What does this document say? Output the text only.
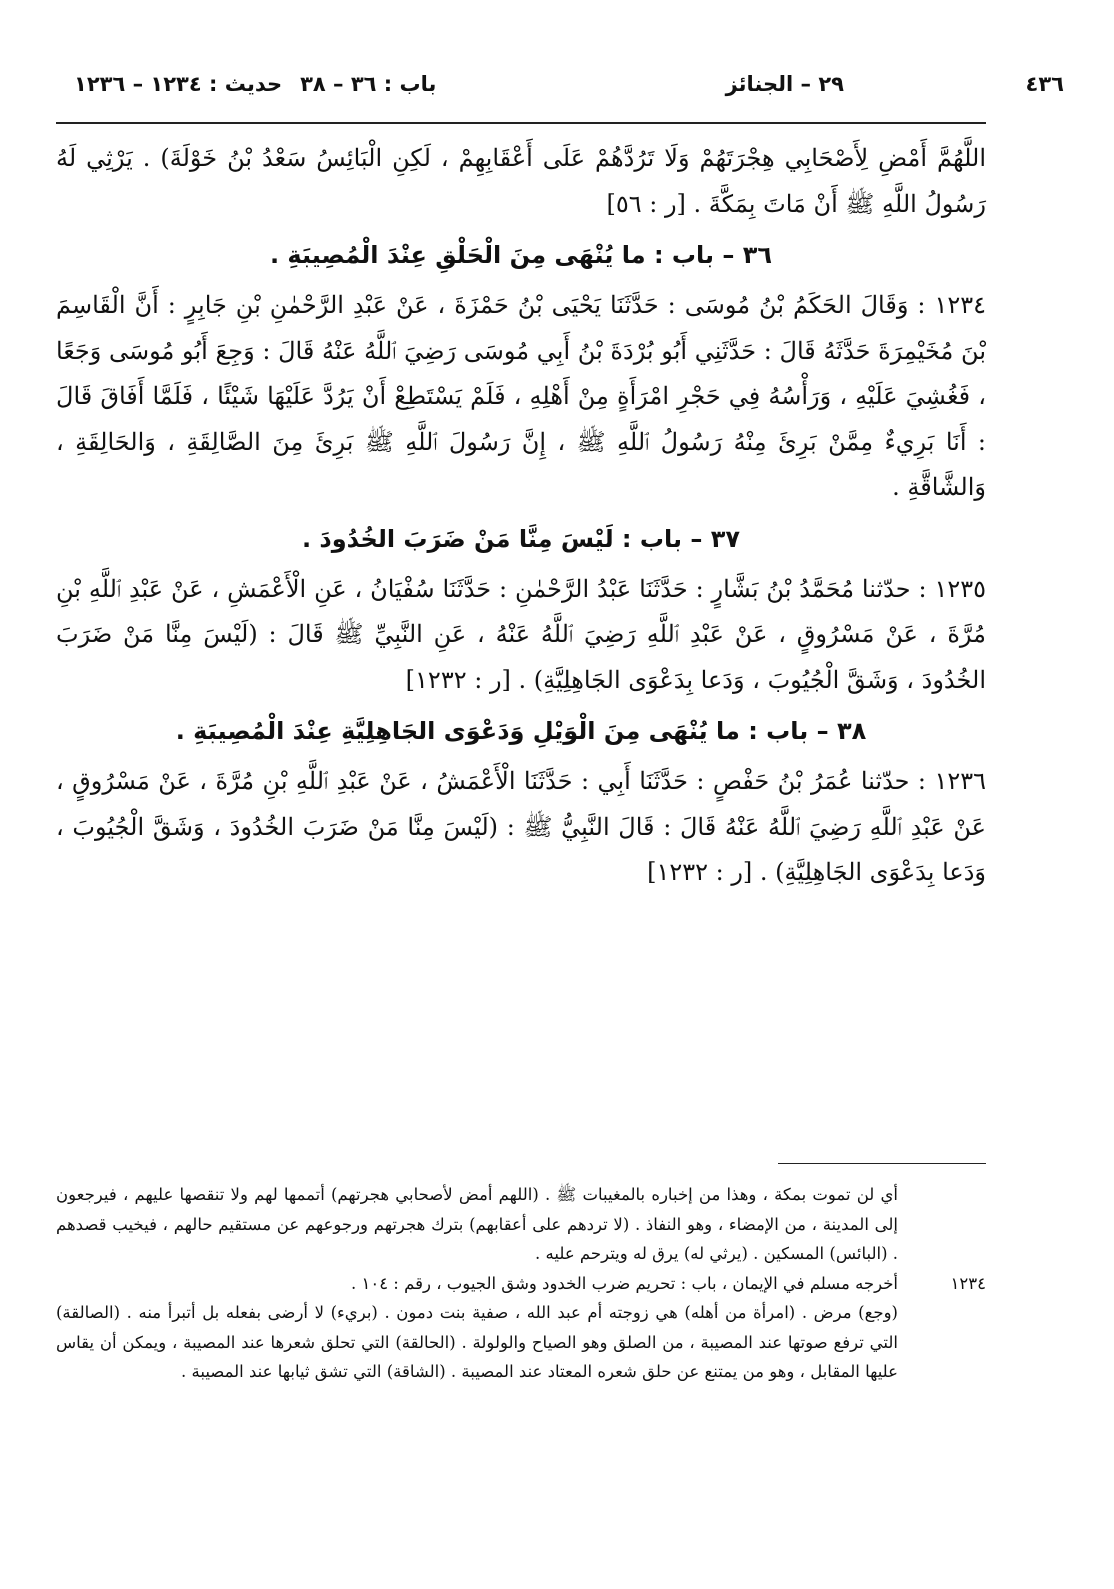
٤٣٦
٢٩ – الجنائز
باب : ٣٦ – ٣٨حديث : ١٢٣٤ – ١٢٣٦

اللَّهُمَّ أَمْضِ لِأَصْحَابِي هِجْرَتَهُمْ وَلَا تَرُدَّهُمْ عَلَى أَعْقَابِهِمْ ، لَكِنِ الْبَائِسُ سَعْدُ بْنُ خَوْلَةَ) . يَرْثِي لَهُ رَسُولُ اللَّهِ ﷺ أَنْ مَاتَ بِمَكَّةَ . [ر : ٥٦]

٣٦ – باب : ما يُنْهَى مِنَ الْحَلْقِ عِنْدَ الْمُصِيبَةِ .

١٢٣٤ : وَقَالَ الحَكَمُ بْنُ مُوسَى : حَدَّثَنَا يَحْيَى بْنُ حَمْزَةَ ، عَنْ عَبْدِ الرَّحْمٰنِ بْنِ جَابِرٍ : أَنَّ الْقَاسِمَ بْنَ مُخَيْمِرَةَ حَدَّثَهُ قَالَ : حَدَّثَنِي أَبُو بُرْدَةَ بْنُ أَبِي مُوسَى رَضِيَ ٱللَّهُ عَنْهُ قَالَ : وَجِعَ أَبُو مُوسَى وَجَعًا ، فَغُشِيَ عَلَيْهِ ، وَرَأْسُهُ فِي حَجْرِ امْرَأَةٍ مِنْ أَهْلِهِ ، فَلَمْ يَسْتَطِعْ أَنْ يَرُدَّ عَلَيْهَا شَيْئًا ، فَلَمَّا أَفَاقَ قَالَ : أَنَا بَرِيءٌ مِمَّنْ بَرِئَ مِنْهُ رَسُولُ ٱللَّهِ ﷺ ، إِنَّ رَسُولَ ٱللَّهِ ﷺ بَرِئَ مِنَ الصَّالِقَةِ ، وَالحَالِقَةِ ، وَالشَّاقَّةِ .

٣٧ – باب : لَيْسَ مِنَّا مَنْ ضَرَبَ الخُدُودَ .

١٢٣٥ : حدّثنا مُحَمَّدُ بْنُ بَشَّارٍ : حَدَّثَنَا عَبْدُ الرَّحْمٰنِ : حَدَّثَنَا سُفْيَانُ ، عَنِ الْأَعْمَشِ ، عَنْ عَبْدِ ٱللَّهِ بْنِ مُرَّةَ ، عَنْ مَسْرُوقٍ ، عَنْ عَبْدِ ٱللَّهِ رَضِيَ ٱللَّهُ عَنْهُ ، عَنِ النَّبِيِّ ﷺ قَالَ : (لَيْسَ مِنَّا مَنْ ضَرَبَ الخُدُودَ ، وَشَقَّ الْجُيُوبَ ، وَدَعا بِدَعْوَى الجَاهِلِيَّةِ) . [ر : ١٢٣٢]

٣٨ – باب : ما يُنْهَى مِنَ الْوَيْلِ وَدَعْوَى الجَاهِلِيَّةِ عِنْدَ الْمُصِيبَةِ .

١٢٣٦ : حدّثنا عُمَرُ بْنُ حَفْصٍ : حَدَّثَنَا أَبِي : حَدَّثَنَا الْأَعْمَشُ ، عَنْ عَبْدِ ٱللَّهِ بْنِ مُرَّةَ ، عَنْ مَسْرُوقٍ ، عَنْ عَبْدِ ٱللَّهِ رَضِيَ ٱللَّهُ عَنْهُ قَالَ : قَالَ النَّبِيُّ ﷺ : (لَيْسَ مِنَّا مَنْ ضَرَبَ الخُدُودَ ، وَشَقَّ الْجُيُوبَ ، وَدَعا بِدَعْوَى الجَاهِلِيَّةِ) . [ر : ١٢٣٢]

أي لن تموت بمكة ، وهذا من إخباره بالمغيبات ﷺ . (اللهم أمض لأصحابي هجرتهم) أتممها لهم ولا تنقصها عليهم ، فيرجعون إلى المدينة ، من الإمضاء ، وهو النفاذ . (لا تردهم على أعقابهم) بترك هجرتهم ورجوعهم عن مستقيم حالهم ، فيخيب قصدهم . (البائس) المسكين . (يرثي له) يرق له ويترحم عليه .

١٢٣٤
أخرجه مسلم في الإيمان ، باب : تحريم ضرب الخدود وشق الجيوب ، رقم : ١٠٤ .

(وجع) مرض . (امرأة من أهله) هي زوجته أم عبد الله ، صفية بنت دمون . (بريء) لا أرضى بفعله بل أتبرأ منه . (الصالقة) التي ترفع صوتها عند المصيبة ، من الصلق وهو الصياح والولولة . (الحالقة) التي تحلق شعرها عند المصيبة ، ويمكن أن يقاس عليها المقابل ، وهو من يمتنع عن حلق شعره المعتاد عند المصيبة . (الشاقة) التي تشق ثيابها عند المصيبة .
